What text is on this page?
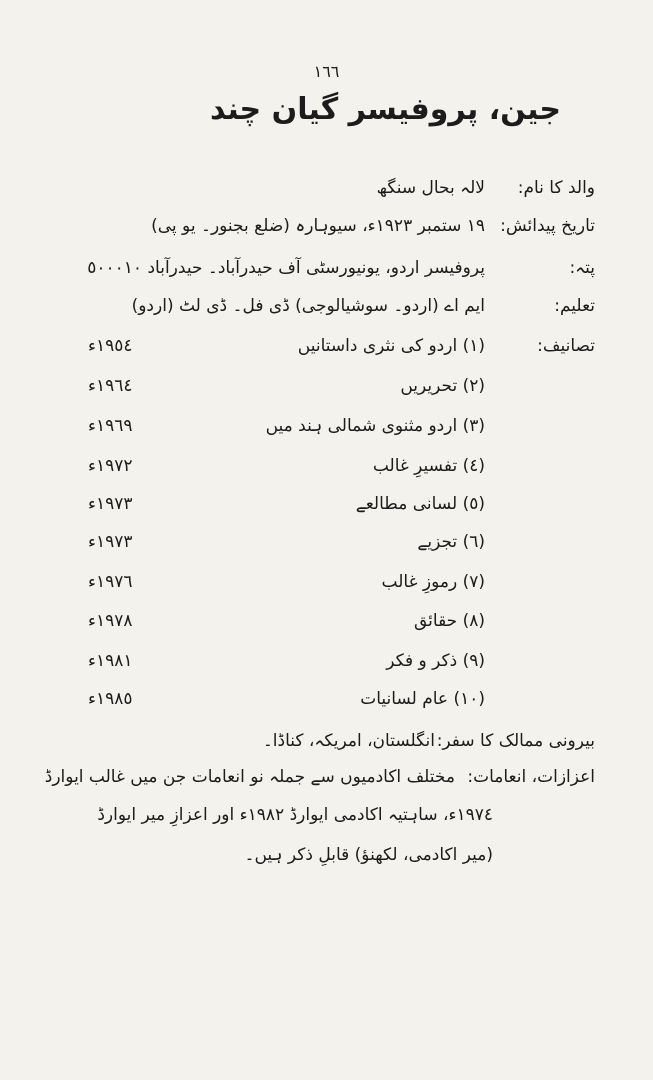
١٦٦
جین، پروفیسر گیان چند
والد کا نام:
لالہ بحال سنگھ
تاریخ پیدائش:
١٩ ستمبر ١٩٢٣ء، سیوہارہ (ضلع بجنور۔ یو پی)
پتہ:
پروفیسر اردو، یونیورسٹی آف حیدرآباد۔ حیدرآباد ٥٠٠٠١٠
تعلیم:
ایم اے (اردو۔ سوشیالوجی) ڈی فل۔ ڈی لٹ (اردو)
تصانیف:
(١) اردو کی نثری داستانیں
١٩٥٤ء
(٢) تحریریں
١٩٦٤ء
(٣) اردو مثنوی شمالی ہند میں
١٩٦٩ء
(٤) تفسیرِ غالب
١٩٧٢ء
(٥) لسانی مطالعے
١٩٧٣ء
(٦) تجزیے
١٩٧٣ء
(٧) رموزِ غالب
١٩٧٦ء
(٨) حقائق
١٩٧٨ء
(٩) ذکر و فکر
١٩٨١ء
(١٠) عام لسانیات
١٩٨٥ء
بیرونی ممالک کا سفر:
انگلستان، امریکہ، کناڈا۔
اعزازات، انعامات:
مختلف اکادمیوں سے جملہ نو انعامات جن میں غالب ایوارڈ
١٩٧٤ء، ساہتیہ اکادمی ایوارڈ ١٩٨٢ء اور اعزازِ میر ایوارڈ
(میر اکادمی، لکھنؤ) قابلِ ذکر ہیں۔
